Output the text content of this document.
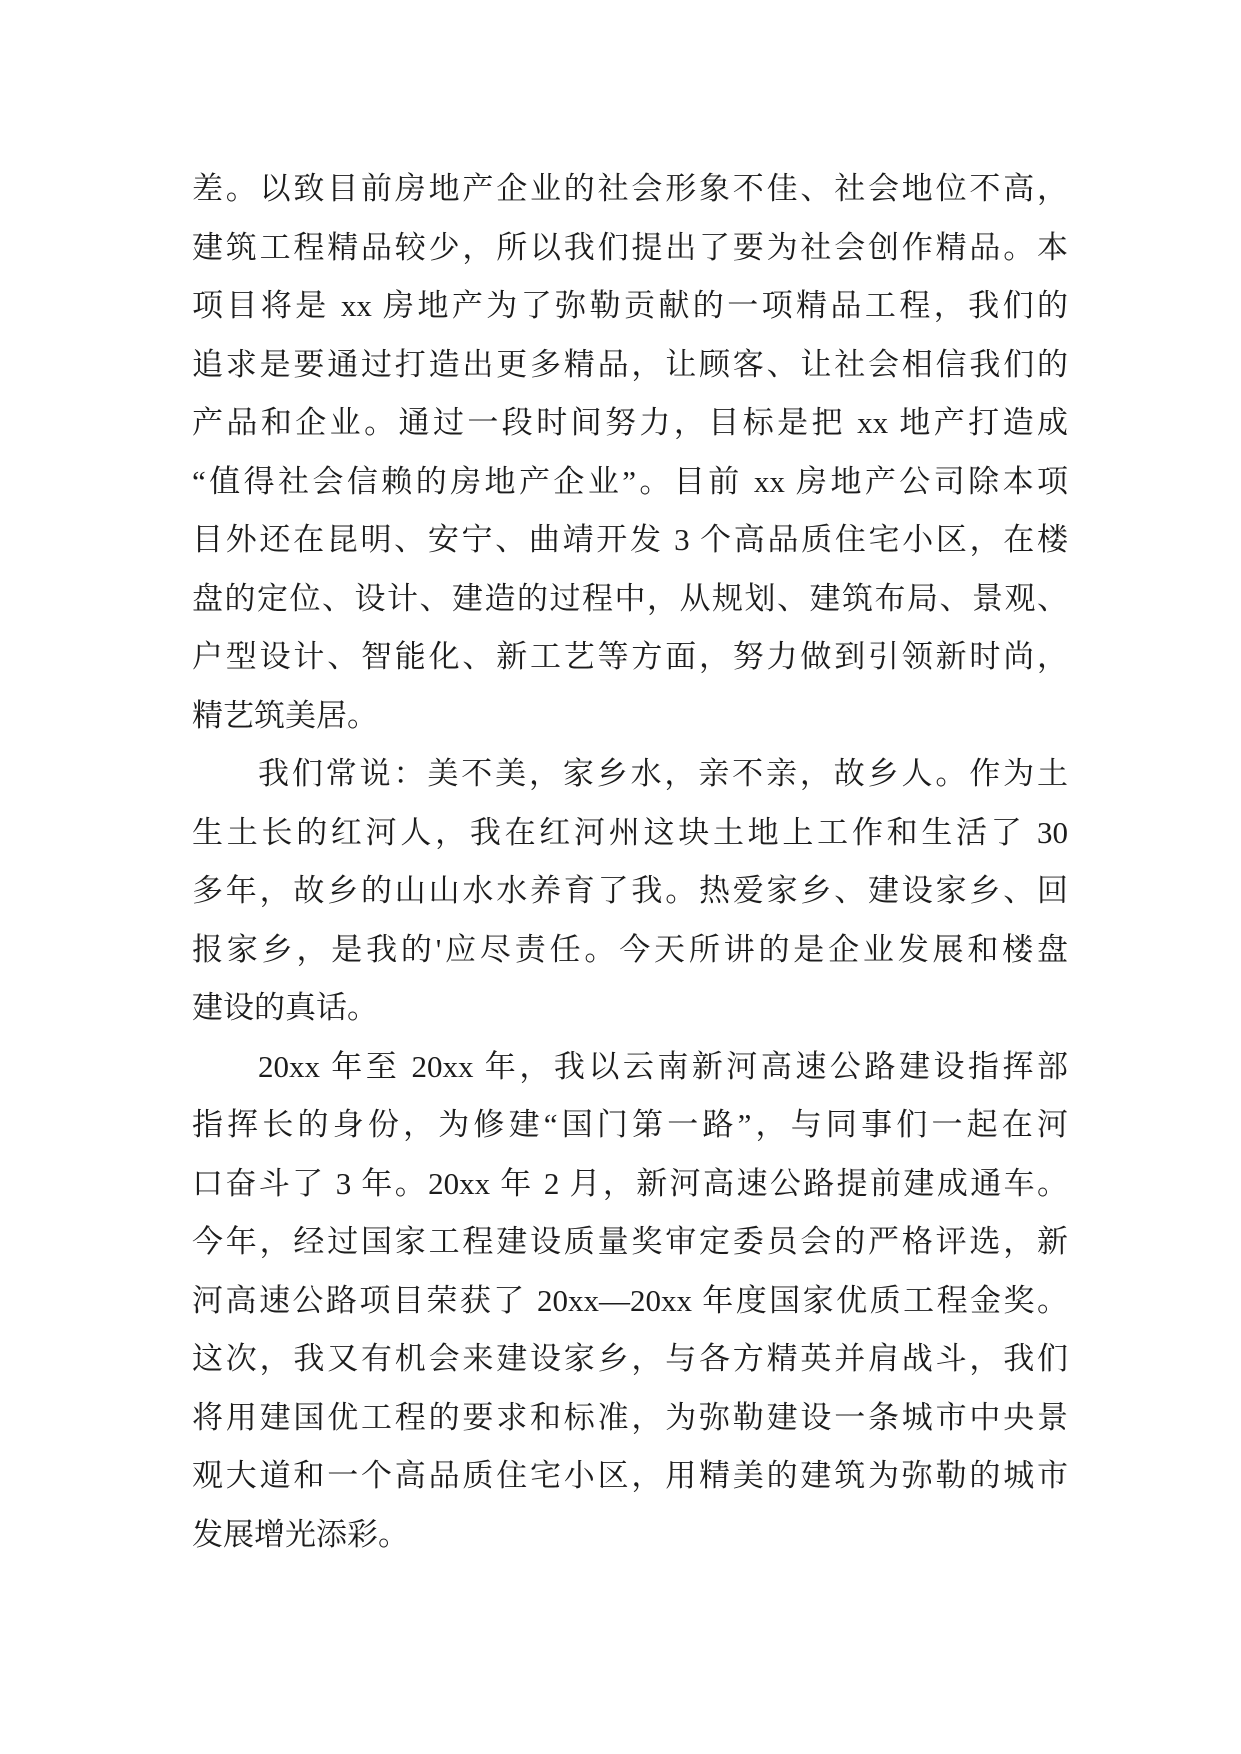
差。以致目前房地产企业的社会形象不佳、社会地位不高，
建筑工程精品较少，所以我们提出了要为社会创作精品。本
项目将是 xx 房地产为了弥勒贡献的一项精品工程，我们的
追求是要通过打造出更多精品，让顾客、让社会相信我们的
产品和企业。通过一段时间努力，目标是把 xx 地产打造成
“值得社会信赖的房地产企业”。目前 xx 房地产公司除本项
目外还在昆明、安宁、曲靖开发 3 个高品质住宅小区，在楼
盘的定位、设计、建造的过程中，从规划、建筑布局、景观、
户型设计、智能化、新工艺等方面，努力做到引领新时尚，
精艺筑美居。
我们常说：美不美，家乡水，亲不亲，故乡人。作为土
生土长的红河人，我在红河州这块土地上工作和生活了 30
多年，故乡的山山水水养育了我。热爱家乡、建设家乡、回
报家乡，是我的'应尽责任。今天所讲的是企业发展和楼盘
建设的真话。
20xx 年至 20xx 年，我以云南新河高速公路建设指挥部
指挥长的身份，为修建“国门第一路”，与同事们一起在河
口奋斗了 3 年。20xx 年 2 月，新河高速公路提前建成通车。
今年，经过国家工程建设质量奖审定委员会的严格评选，新
河高速公路项目荣获了 20xx—20xx 年度国家优质工程金奖。
这次，我又有机会来建设家乡，与各方精英并肩战斗，我们
将用建国优工程的要求和标准，为弥勒建设一条城市中央景
观大道和一个高品质住宅小区，用精美的建筑为弥勒的城市
发展增光添彩。
